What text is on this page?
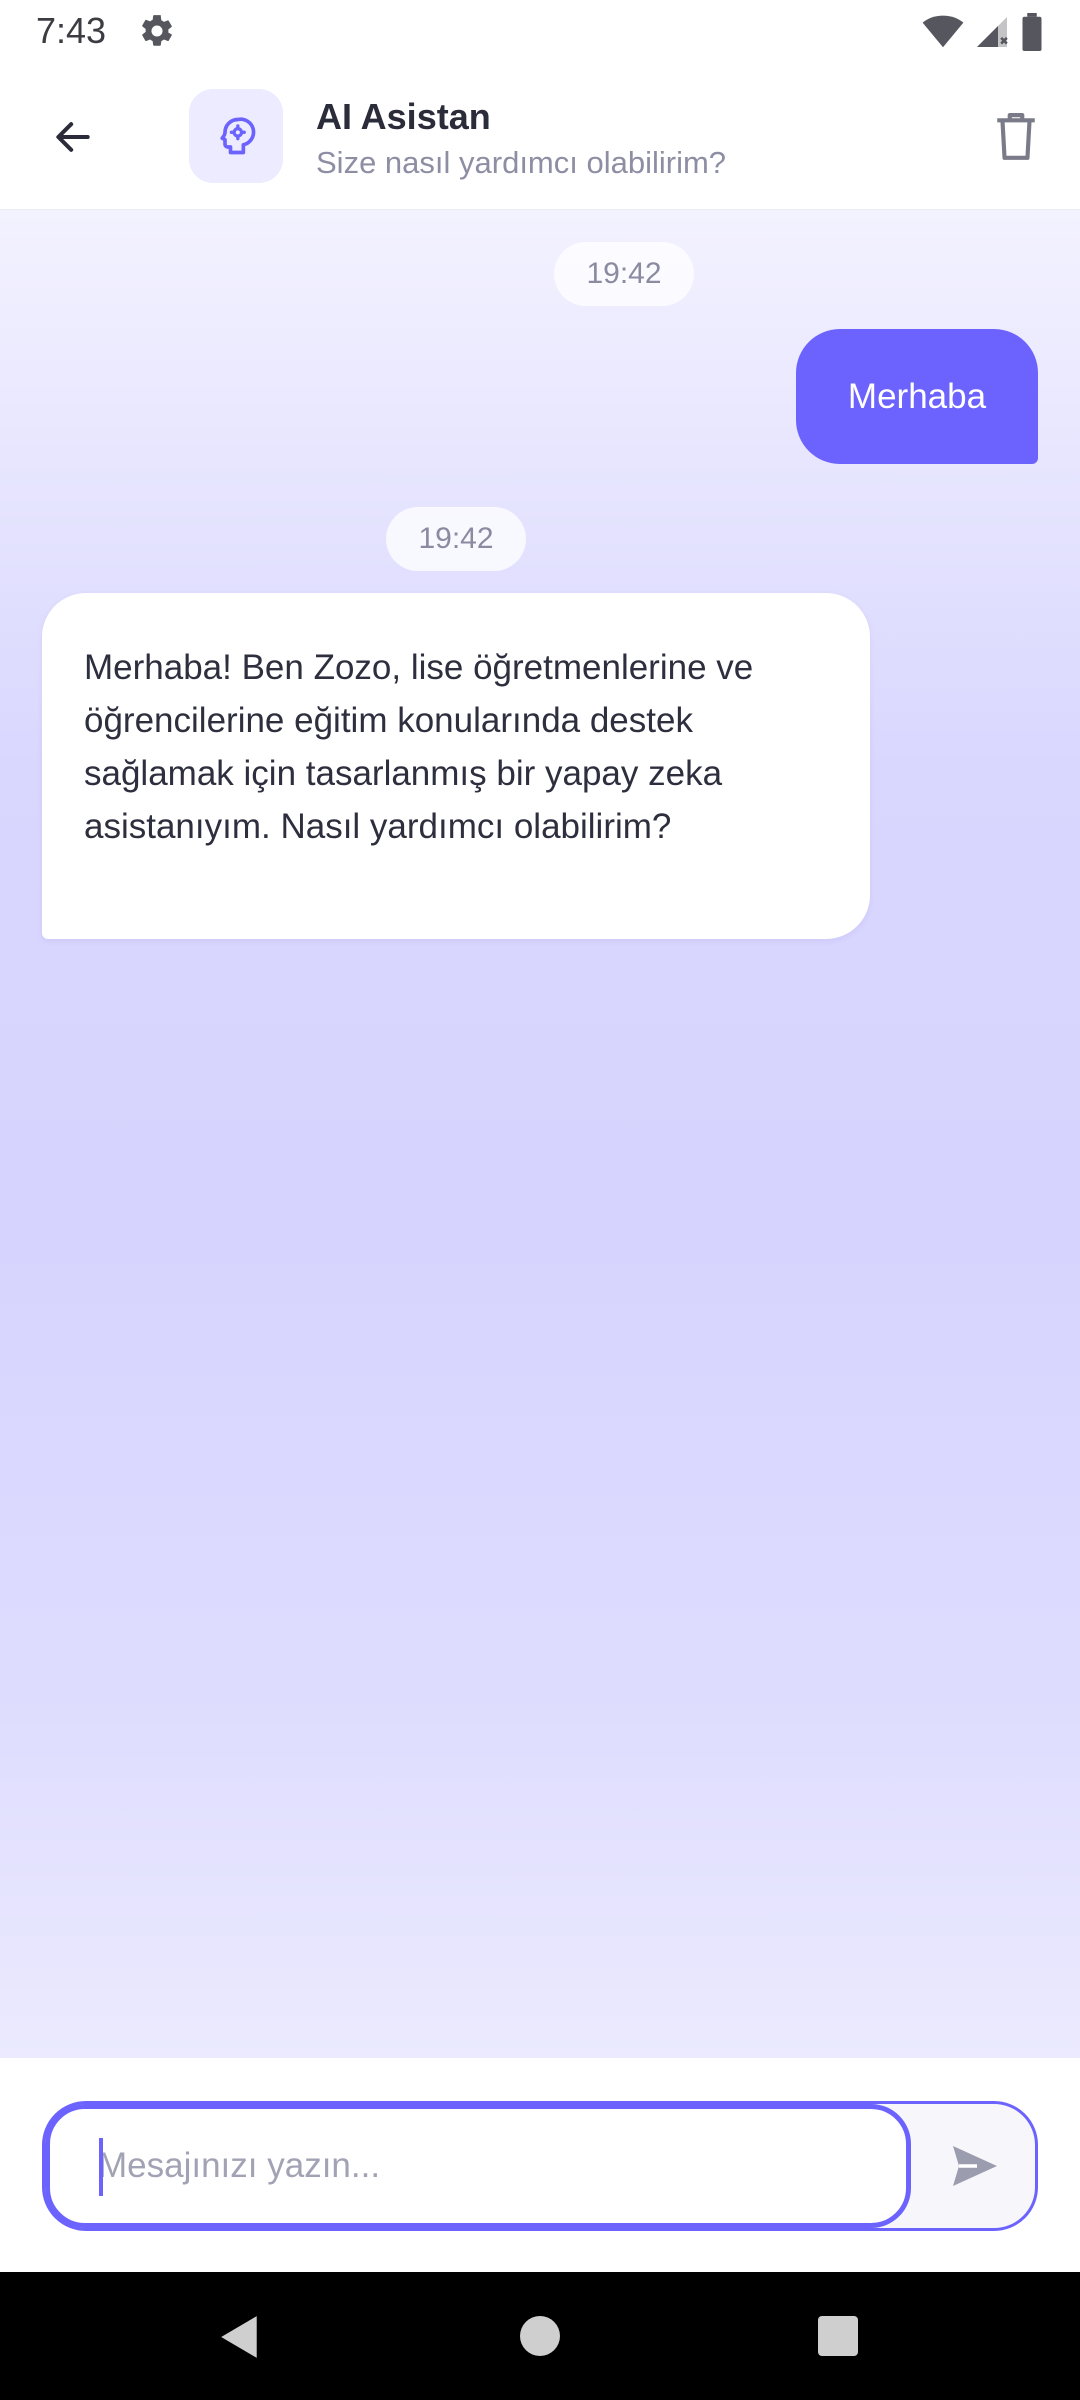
7:43
AI Asistan
Size nasıl yardımcı olabilirim?
19:42
Merhaba
19:42
Merhaba! Ben Zozo, lise öğretmenlerine ve öğrencilerine eğitim konularında destek sağlamak için tasarlanmış bir yapay zeka asistanıyım. Nasıl yardımcı olabilirim?
Mesajınızı yazın...
